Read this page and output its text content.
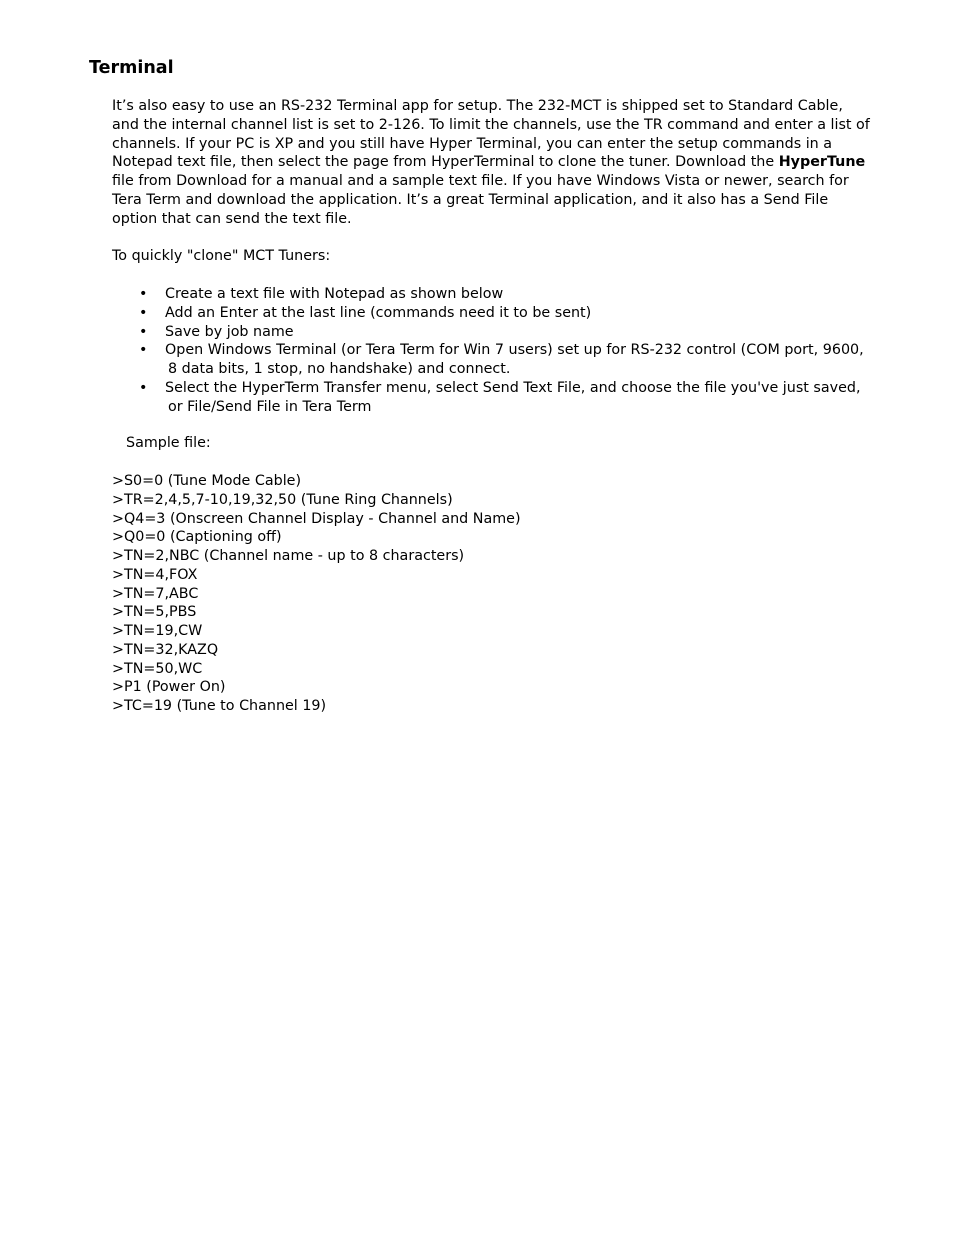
Terminal

It’s also easy to use an RS-232 Terminal app for setup. The 232-MCT is shipped set to Standard Cable, and the internal channel list is set to 2-126. To limit the channels, use the TR command and enter a list of channels. If your PC is XP and you still have Hyper Terminal, you can enter the setup commands in a Notepad text file, then select the page from HyperTerminal to clone the tuner. Download the HyperTune file from Download for a manual and a sample text file. If you have Windows Vista or newer, search for Tera Term and download the application. It’s a great Terminal application, and it also has a Send File option that can send the text file.

To quickly "clone" MCT Tuners:

• Create a text file with Notepad as shown below
• Add an Enter at the last line (commands need it to be sent)
• Save by job name
• Open Windows Terminal (or Tera Term for Win 7 users) set up for RS-232 control (COM port, 9600, 8 data bits, 1 stop, no handshake) and connect.
• Select the HyperTerm Transfer menu, select Send Text File, and choose the file you've just saved, or File/Send File in Tera Term

Sample file:

>S0=0 (Tune Mode Cable)
>TR=2,4,5,7-10,19,32,50 (Tune Ring Channels)
>Q4=3 (Onscreen Channel Display - Channel and Name)
>Q0=0 (Captioning off)
>TN=2,NBC (Channel name - up to 8 characters)
>TN=4,FOX
>TN=7,ABC
>TN=5,PBS
>TN=19,CW
>TN=32,KAZQ
>TN=50,WC
>P1 (Power On)
>TC=19 (Tune to Channel 19)
